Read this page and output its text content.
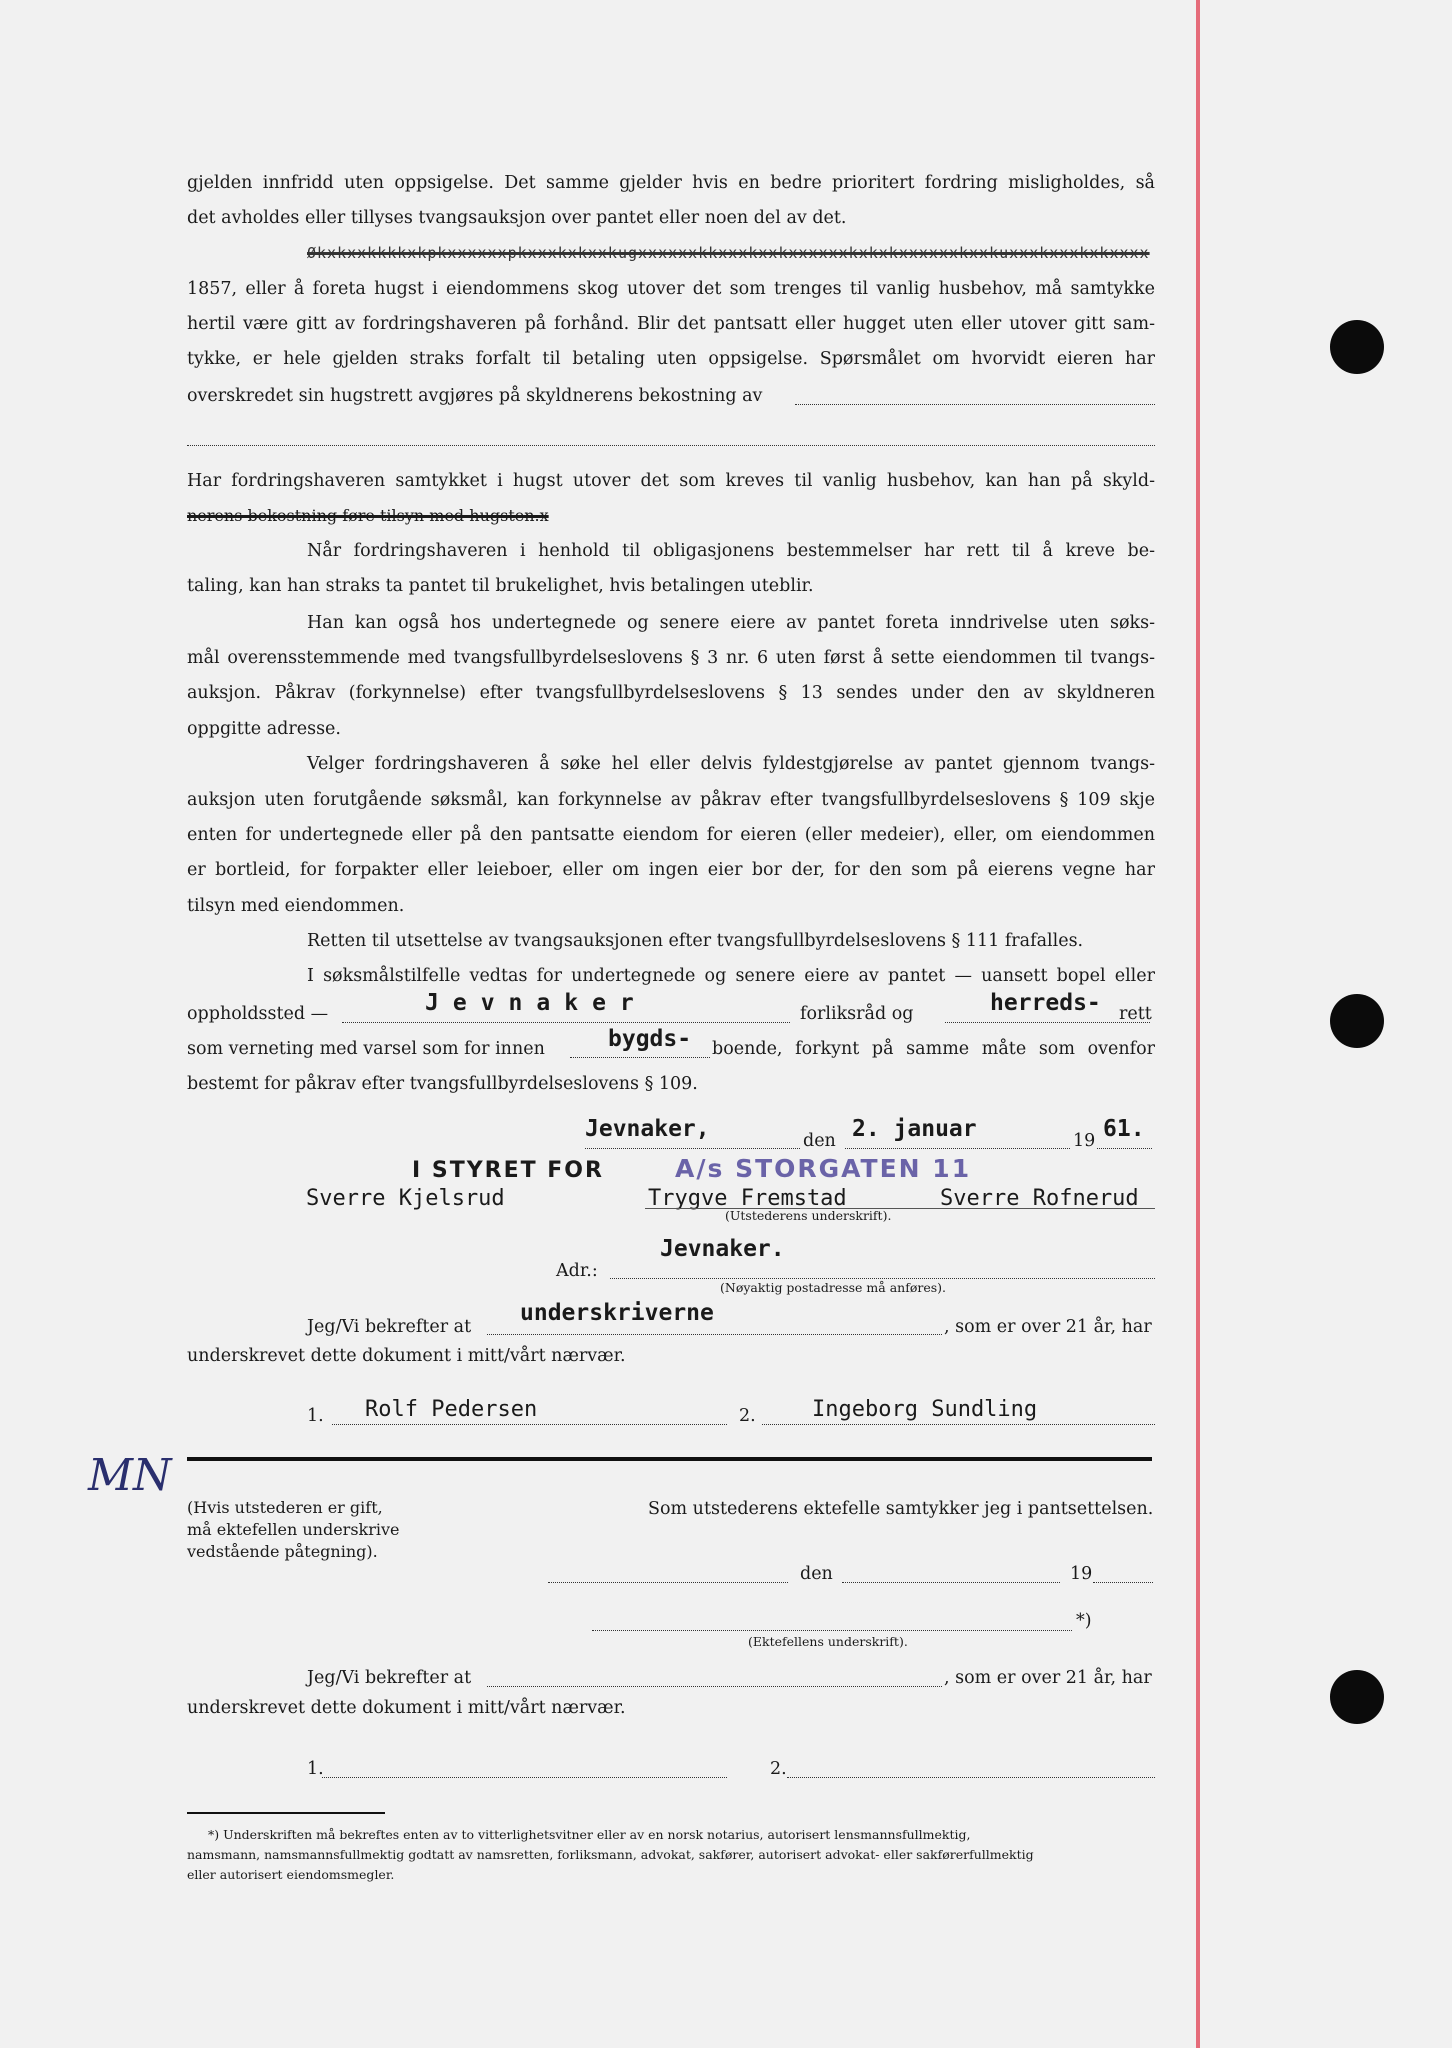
gjelden innfridd uten oppsigelse. Det samme gjelder hvis en bedre prioritert fordring misligholdes, så
det avholdes eller tillyses tvangsauksjon over pantet eller noen del av det.
Økxkxxkkkkxkpkxxxxxxpkxxxkxkxxkugxxxxxxkkxxxkxxkxxxxxxkxkxkxxxxxxkxxkuxxxkxxxkxkxxxx
1857, eller å foreta hugst i eiendommens skog utover det som trenges til vanlig husbehov, må samtykke
hertil være gitt av fordringshaveren på forhånd. Blir det pantsatt eller hugget uten eller utover gitt sam-
tykke, er hele gjelden straks forfalt til betaling uten oppsigelse. Spørsmålet om hvorvidt eieren har
overskredet sin hugstrett avgjøres på skyldnerens bekostning av
Har fordringshaveren samtykket i hugst utover det som kreves til vanlig husbehov, kan han på skyld-
nerens bekostning føre tilsyn med hugsten.x
Når fordringshaveren i henhold til obligasjonens bestemmelser har rett til å kreve be-
taling, kan han straks ta pantet til brukelighet, hvis betalingen uteblir.
Han kan også hos undertegnede og senere eiere av pantet foreta inndrivelse uten søks-
mål overensstemmende med tvangsfullbyrdelseslovens § 3 nr. 6 uten først å sette eiendommen til tvangs-
auksjon. Påkrav (forkynnelse) efter tvangsfullbyrdelseslovens § 13 sendes under den av skyldneren
oppgitte adresse.
Velger fordringshaveren å søke hel eller delvis fyldestgjørelse av pantet gjennom tvangs-
auksjon uten forutgående søksmål, kan forkynnelse av påkrav efter tvangsfullbyrdelseslovens § 109 skje
enten for undertegnede eller på den pantsatte eiendom for eieren (eller medeier), eller, om eiendommen
er bortleid, for forpakter eller leieboer, eller om ingen eier bor der, for den som på eierens vegne har
tilsyn med eiendommen.
Retten til utsettelse av tvangsauksjonen efter tvangsfullbyrdelseslovens § 111 frafalles.
I søksmålstilfelle vedtas for undertegnede og senere eiere av pantet — uansett bopel eller
oppholdssted —	Jevnaker	forliksråd og	herreds- rett
som verneting med varsel som for innen	bygds- boende, forkynt på samme måte som ovenfor
bestemt for påkrav efter tvangsfullbyrdelseslovens § 109.
Jevnaker,	den 2. januar	19 61.
I STYRET FOR	A/s STORGATEN 11
Sverre Kjelsrud	Trygve Fremstad	Sverre Rofnerud
(Utstederens underskrift).
Jevnaker.
Adr.:
(Nøyaktig postadresse må anføres).
Jeg/Vi bekrefter at
underskriverne
, som er over 21 år, har
underskrevet dette dokument i mitt/vårt nærvær.
1. Rolf Pedersen	2.	Ingeborg Sundling
MN
(Hvis utstederen er gift,
må ektefellen underskrive
vedstående påtegning).
Som utstederens ektefelle samtykker jeg i pantsettelsen.
den	19
*)
(Ektefellens underskrift).
Jeg/Vi bekrefter at	, som er over 21 år, har
underskrevet dette dokument i mitt/vårt nærvær.
1.	2.
*) Underskriften må bekreftes enten av to vitterlighetsvitner eller av en norsk notarius, autorisert lensmannsfullmektig,
namsmann, namsmannsfullmektig godtatt av namsretten, forliksmann, advokat, sakfører, autorisert advokat- eller sakførerfullmektig
eller autorisert eiendomsmegler.
